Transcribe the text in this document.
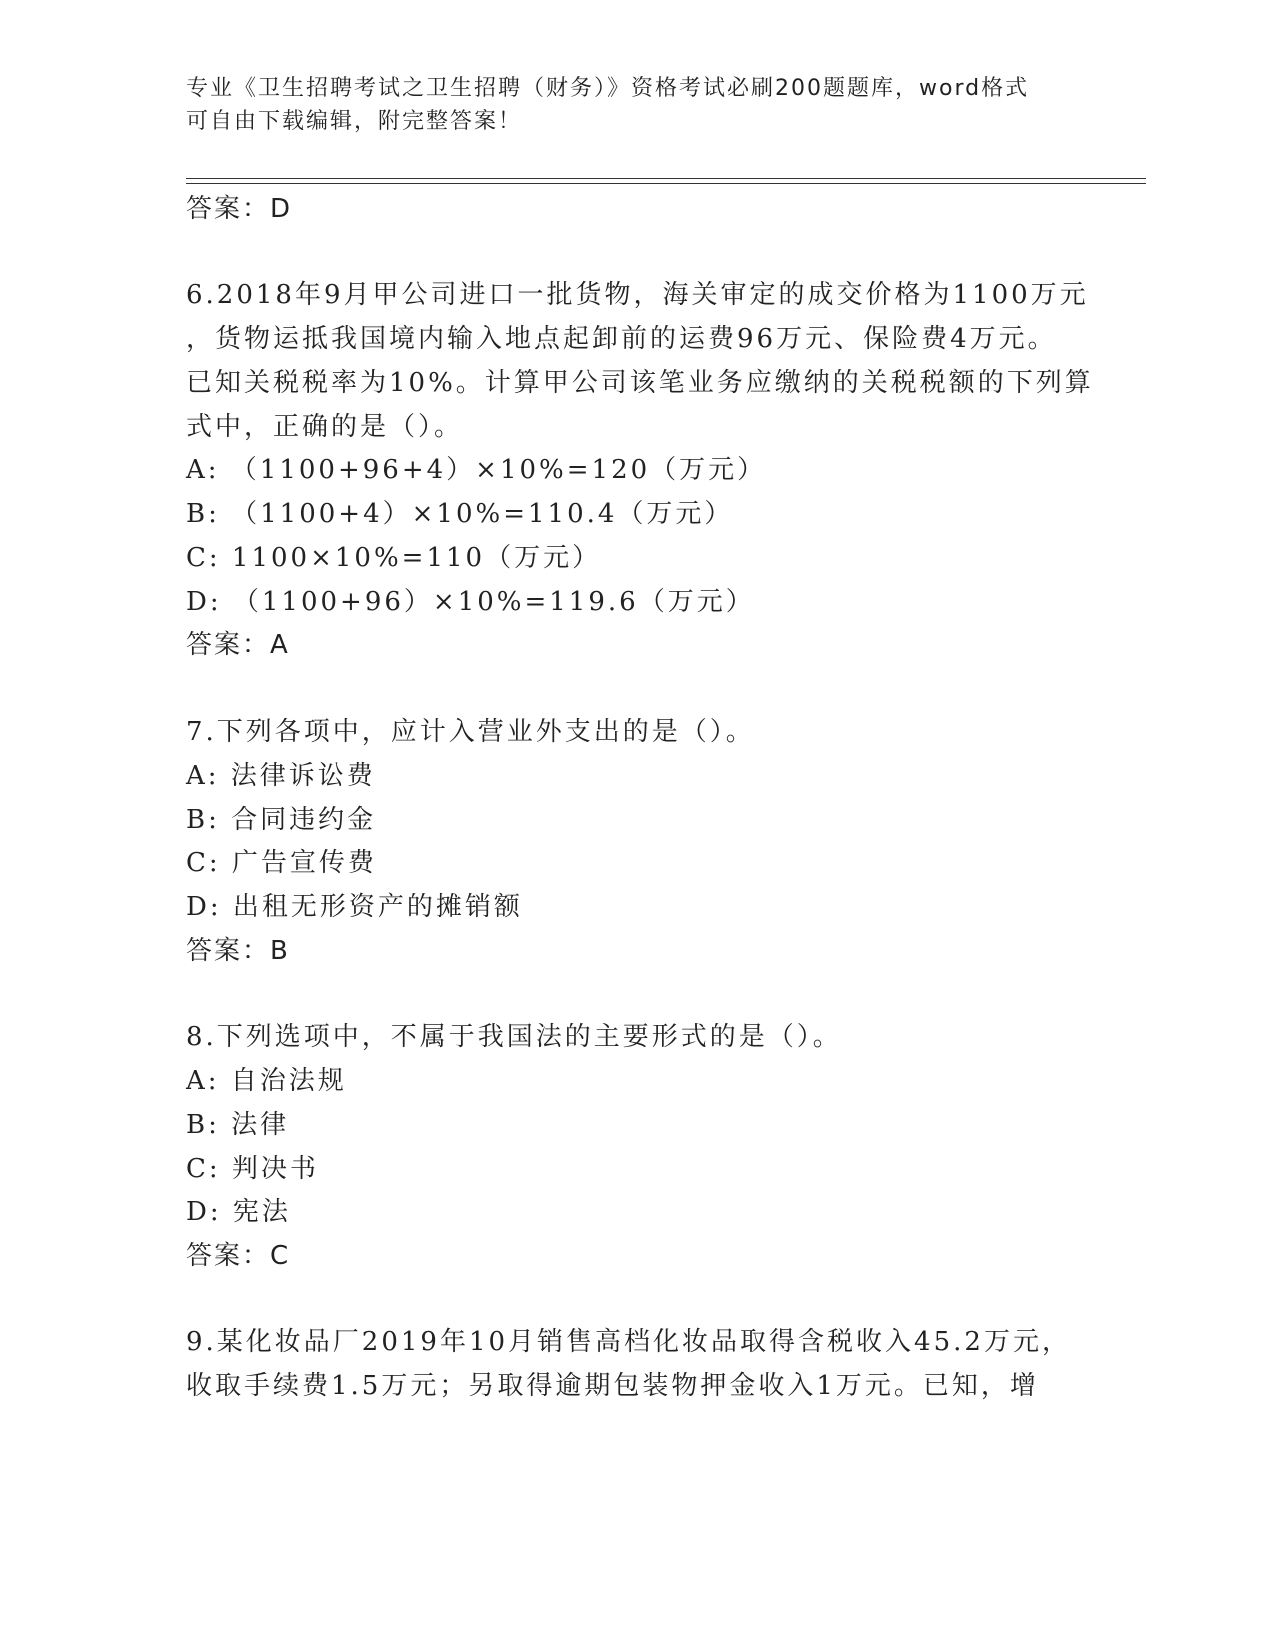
专业《卫生招聘考试之卫生招聘（财务）》资格考试必刷200题题库，word格式
可自由下载编辑，附完整答案！
答案：D
6.2018年9月甲公司进口一批货物，海关审定的成交价格为1100万元
，货物运抵我国境内输入地点起卸前的运费96万元、保险费4万元。
已知关税税率为10%。计算甲公司该笔业务应缴纳的关税税额的下列算
式中，正确的是（）。
A: （1100+96+4）×10%=120（万元）
B: （1100+4）×10%=110.4（万元）
C: 1100×10%=110（万元）
D: （1100+96）×10%=119.6（万元）
答案：A
7.下列各项中，应计入营业外支出的是（）。
A: 法律诉讼费
B: 合同违约金
C: 广告宣传费
D: 出租无形资产的摊销额
答案：B
8.下列选项中，不属于我国法的主要形式的是（）。
A: 自治法规
B: 法律
C: 判决书
D: 宪法
答案：C
9.某化妆品厂2019年10月销售高档化妆品取得含税收入45.2万元，
收取手续费1.5万元；另取得逾期包装物押金收入1万元。已知，增
